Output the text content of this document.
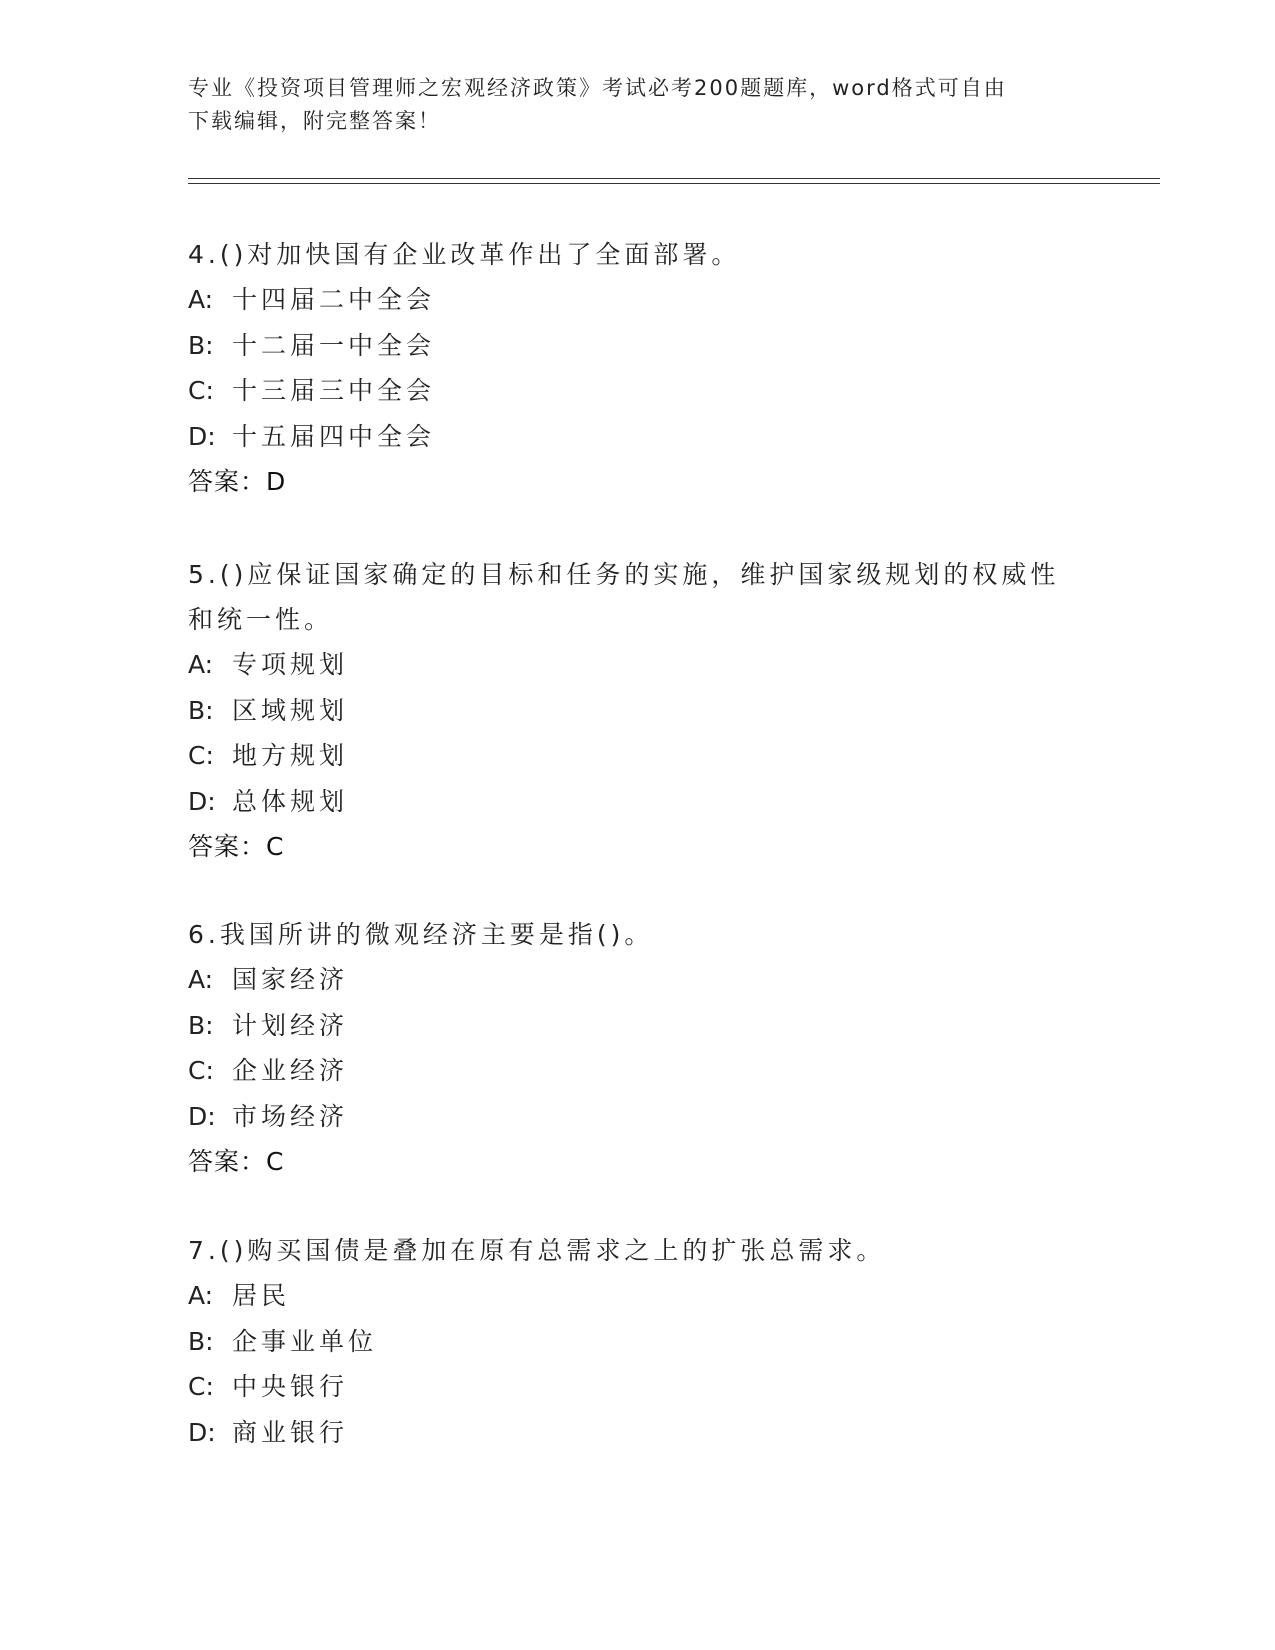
专业《投资项目管理师之宏观经济政策》考试必考200题题库，word格式可自由
下载编辑，附完整答案！
4.()对加快国有企业改革作出了全面部署。
A: 十四届二中全会
B: 十二届一中全会
C: 十三届三中全会
D: 十五届四中全会
答案：D
5.()应保证国家确定的目标和任务的实施，维护国家级规划的权威性
和统一性。
A: 专项规划
B: 区域规划
C: 地方规划
D: 总体规划
答案：C
6.我国所讲的微观经济主要是指()。
A: 国家经济
B: 计划经济
C: 企业经济
D: 市场经济
答案：C
7.()购买国债是叠加在原有总需求之上的扩张总需求。
A: 居民
B: 企事业单位
C: 中央银行
D: 商业银行
